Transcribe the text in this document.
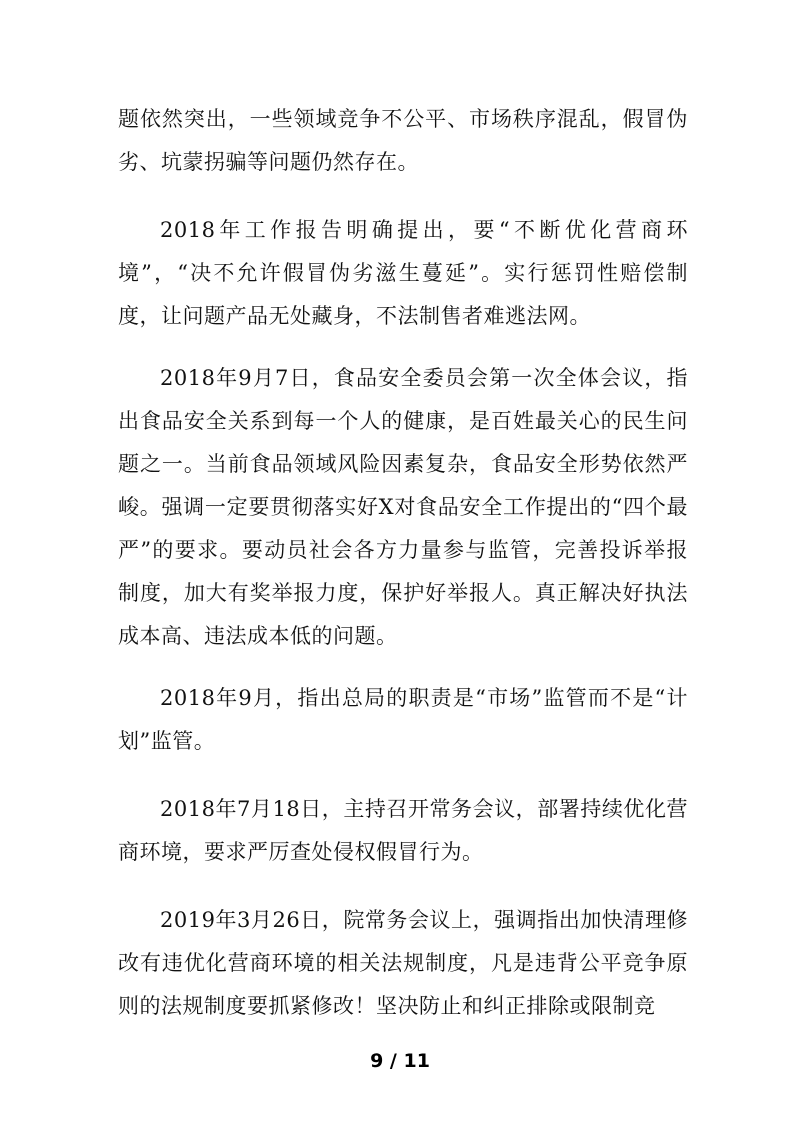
题依然突出，一些领域竞争不公平、市场秩序混乱，假冒伪劣、坑蒙拐骗等问题仍然存在。

2018年工作报告明确提出，要“不断优化营商环境”，“决不允许假冒伪劣滋生蔓延”。实行惩罚性赔偿制度，让问题产品无处藏身，不法制售者难逃法网。

2018年9月7日，食品安全委员会第一次全体会议，指出食品安全关系到每一个人的健康，是百姓最关心的民生问题之一。当前食品领域风险因素复杂，食品安全形势依然严峻。强调一定要贯彻落实好X对食品安全工作提出的“四个最严”的要求。要动员社会各方力量参与监管，完善投诉举报制度，加大有奖举报力度，保护好举报人。真正解决好执法成本高、违法成本低的问题。

2018年9月，指出总局的职责是“市场”监管而不是“计划”监管。

2018年7月18日，主持召开常务会议，部署持续优化营商环境，要求严厉查处侵权假冒行为。

2019年3月26日，院常务会议上，强调指出加快清理修改有违优化营商环境的相关法规制度，凡是违背公平竞争原则的法规制度要抓紧修改！坚决防止和纠正排除或限制竞

9 / 11
